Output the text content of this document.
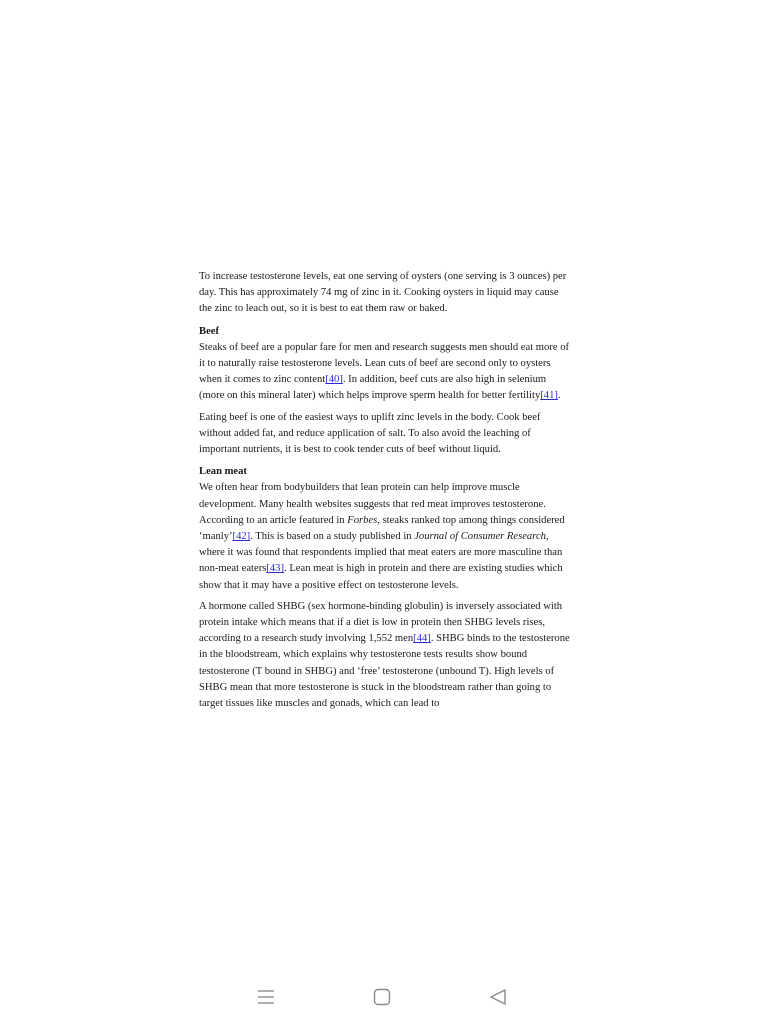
To increase testosterone levels, eat one serving of oysters (one serving is 3 ounces) per day. This has approximately 74 mg of zinc in it. Cooking oysters in liquid may cause the zinc to leach out, so it is best to eat them raw or baked.

Beef

Steaks of beef are a popular fare for men and research suggests men should eat more of it to naturally raise testosterone levels. Lean cuts of beef are second only to oysters when it comes to zinc content[40]. In addition, beef cuts are also high in selenium (more on this mineral later) which helps improve sperm health for better fertility[41].

Eating beef is one of the easiest ways to uplift zinc levels in the body. Cook beef without added fat, and reduce application of salt. To also avoid the leaching of important nutrients, it is best to cook tender cuts of beef without liquid.

Lean meat

We often hear from bodybuilders that lean protein can help improve muscle development. Many health websites suggests that red meat improves testosterone. According to an article featured in Forbes, steaks ranked top among things considered ‘manly’[42]. This is based on a study published in Journal of Consumer Research, where it was found that respondents implied that meat eaters are more masculine than non-meat eaters[43]. Lean meat is high in protein and there are existing studies which show that it may have a positive effect on testosterone levels.

A hormone called SHBG (sex hormone-binding globulin) is inversely associated with protein intake which means that if a diet is low in protein then SHBG levels rises, according to a research study involving 1,552 men[44]. SHBG binds to the testosterone in the bloodstream, which explains why testosterone tests results show bound testosterone (T bound in SHBG) and ‘free’ testosterone (unbound T). High levels of SHBG mean that more testosterone is stuck in the bloodstream rather than going to target tissues like muscles and gonads, which can lead to
